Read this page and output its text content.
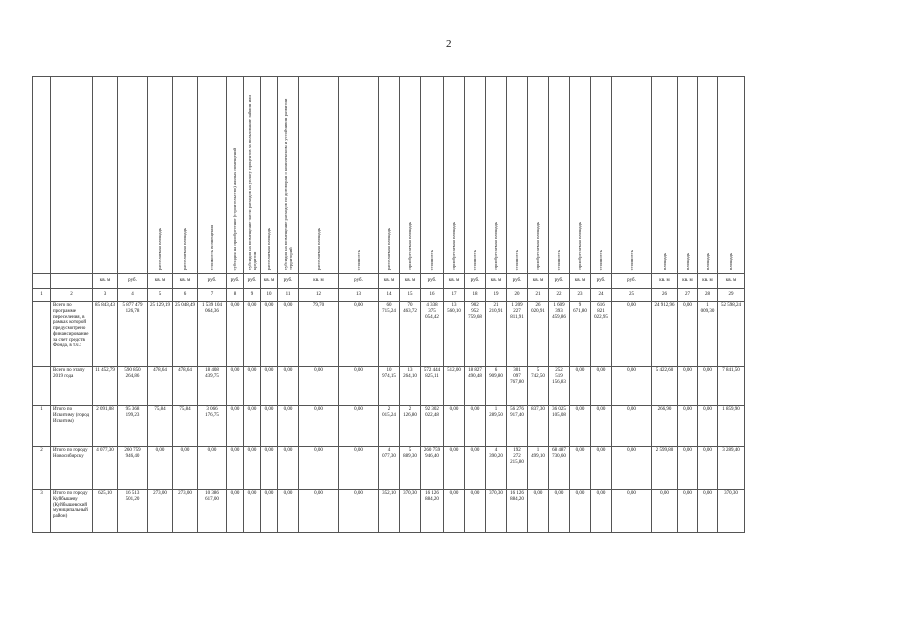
2

				расселяемая площадь	расселяемая площадь	стоимость возмещения	субсидия на приобретение (строительство) жилых помещений	субсидия на возмещение части расходов на уплату процентов за пользование займом или кредитом	расселяемая площадь	субсидия на возмещение расходов по договорам о комплексном и устойчивом развитии территорий	расселяемая площадь	стоимость	расселяемая площадь	приобретаемая площадь	стоимость	приобретаемая площадь	стоимость	приобретаемая площадь	стоимость	приобретаемая площадь	стоимость	приобретаемая площадь	стоимость	стоимость	площадь	площадь	площадь	площадь

		кв. м	руб.	кв. м	кв. м	руб.	руб.	руб.	кв. м	руб.	кв. м	руб.	кв. м	кв. м	руб.	кв. м	руб.	кв. м	руб.	кв. м	руб.	кв. м	руб.	руб.	кв. м	кв. м	кв. м	кв. м
1	2	3	4	5	6	7	8	9	10	11	12	13	14	15	16	17	18	19	20	21	22	23	24	25	26	27	28	29
	Всего по программе переселения, в рамках которой предусмотрено финансирование за счет средств Фонда, в т.ч.:	85 843,43	5 877 479 126,78	25 129,19	25 048,49	1 539 104 064,36	0,00	0,00	0,00	0,00	79,70	0,00	60 715,24	70 463,72	4 338 375 054,42	13 560,10	902 952 759,68	21 210,91	1 209 227 811,91	26 020,91	1 609 393 459,86	9 671,80	616 821 022,95	0,00	24 912,96	0,00	1 009,30	52 598,24
	Всего по этапу 2019 года	11 452,79	590 850 264,86	478,64	478,64	18 408 439,75	0,00	0,00	0,00	0,00	0,00	0,00	10 974,15	13 264,10	572 444 825,11	512,00	18 827 490,48	6 909,80	301 097 767,80	5 742,50	252 519 156,83	0,00	0,00	0,00	5 422,60	0,00	0,00	7 841,50
1	Итого по Искитиму (город Искитим)	2 091,08	95 368 199,23	75,84	75,84	3 066 176,75	0,00	0,00	0,00	0,00	0,00	0,00	2 015,24	2 126,80	92 302 022,48	0,00	0,00	1 289,50	56 276 917,40	837,30	36 025 105,08	0,00	0,00	0,00	266,90	0,00	0,00	1 859,90
2	Итого по городу Новосибирску	4 077,30	260 759 946,40	0,00	0,00	0,00	0,00	0,00	0,00	0,00	0,00	0,00	4 077,30	5 889,30	260 759 946,40	0,00	0,00	4 390,20	192 272 215,80	1 499,10	68 487 730,60	0,00	0,00	0,00	2 599,80	0,00	0,00	3 289,40
3	Итого по городу Куйбышеву (Куйбышевский муниципальный район)	625,10	16 513 501,20	273,00	273,00	10 386 617,00	0,00	0,00	0,00	0,00	0,00	0,00	352,10	370,30	16 126 884,20	0,00	0,00	370,30	16 126 884,20	0,00	0,00	0,00	0,00	0,00	0,00	0,00	0,00	370,30
